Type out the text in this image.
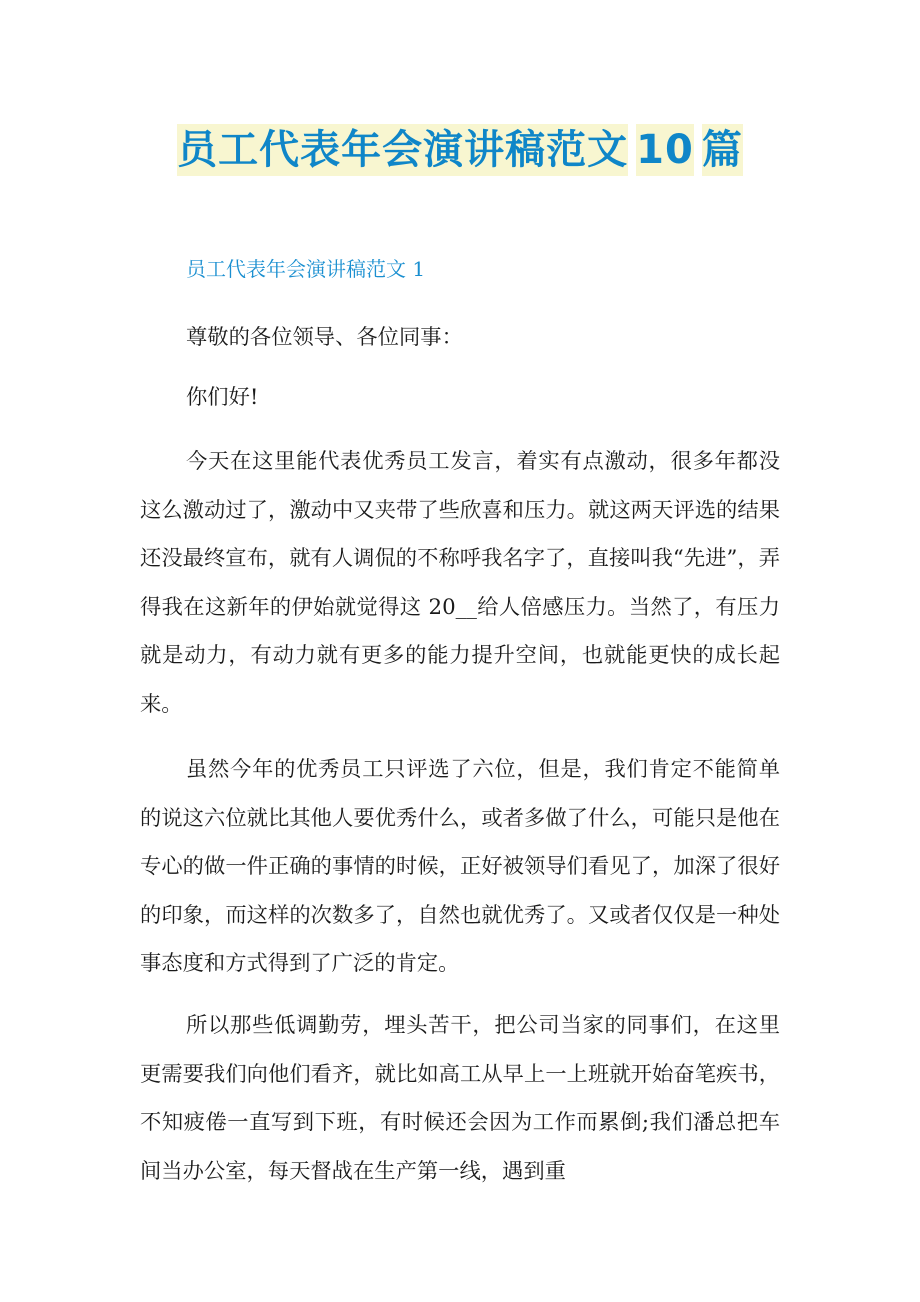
员工代表年会演讲稿范文 10 篇
员工代表年会演讲稿范文 1

尊敬的各位领导、各位同事：

你们好!

今天在这里能代表优秀员工发言，着实有点激动，很多年都没这么激动过了，激动中又夹带了些欣喜和压力。就这两天评选的结果还没最终宣布，就有人调侃的不称呼我名字了，直接叫我“先进”，弄得我在这新年的伊始就觉得这 20__给人倍感压力。当然了，有压力就是动力，有动力就有更多的能力提升空间，也就能更快的成长起来。

虽然今年的优秀员工只评选了六位，但是，我们肯定不能简单的说这六位就比其他人要优秀什么，或者多做了什么，可能只是他在专心的做一件正确的事情的时候，正好被领导们看见了，加深了很好的印象，而这样的次数多了，自然也就优秀了。又或者仅仅是一种处事态度和方式得到了广泛的肯定。

所以那些低调勤劳，埋头苦干，把公司当家的同事们，在这里更需要我们向他们看齐，就比如高工从早上一上班就开始奋笔疾书，不知疲倦一直写到下班，有时候还会因为工作而累倒;我们潘总把车间当办公室，每天督战在生产第一线，遇到重
